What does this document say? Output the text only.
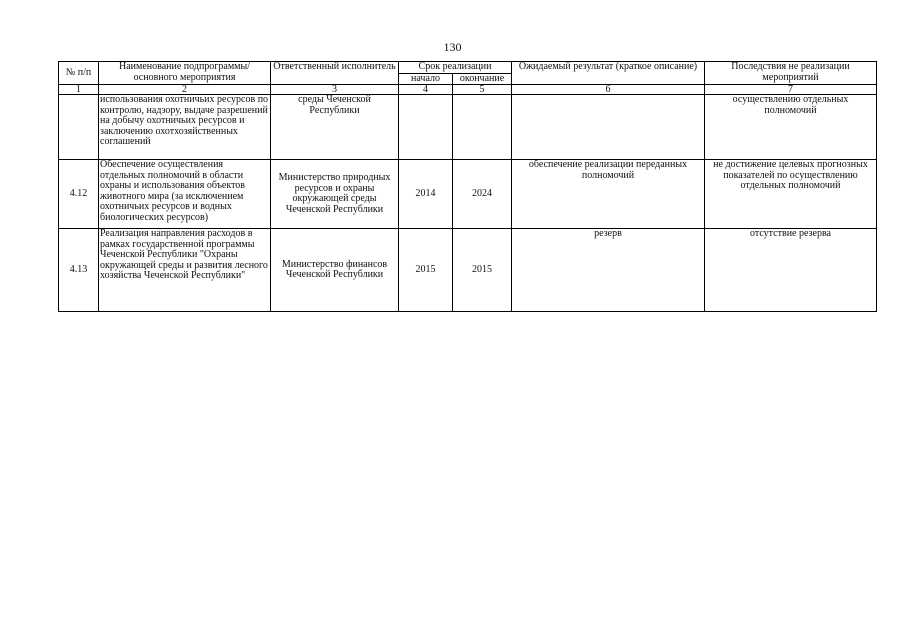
130
№ п/п	Наименование подпрограммы/ основного мероприятия	Ответственный исполнитель	Срок реализации		Ожидаемый результат (краткое описание)	Последствия не реализации мероприятий
			начало	окончание		
1	2	3	4	5	6	7
	использования охотничьих ресурсов по контролю, надзору, выдаче разрешений на добычу охотничьих ресурсов и заключению охотхозяйственных соглашений	среды Чеченской Республики				осуществлению отдельных полномочий
4.12	Обеспечение осуществления отдельных полномочий в области охраны и использования объектов животного мира (за исключением охотничьих ресурсов и водных биологических ресурсов)	Министерство природных ресурсов и охраны окружающей среды Чеченской Республики	2014	2024	обеспечение реализации переданных полномочий	не достижение целевых прогнозных показателей по осуществлению отдельных полномочий
4.13	Реализация направления расходов в рамках государственной программы Чеченской Республики "Охраны окружающей среды и развития лесного хозяйства Чеченской Республики"	Министерство финансов Чеченской Республики	2015	2015	резерв	отсутствие резерва
